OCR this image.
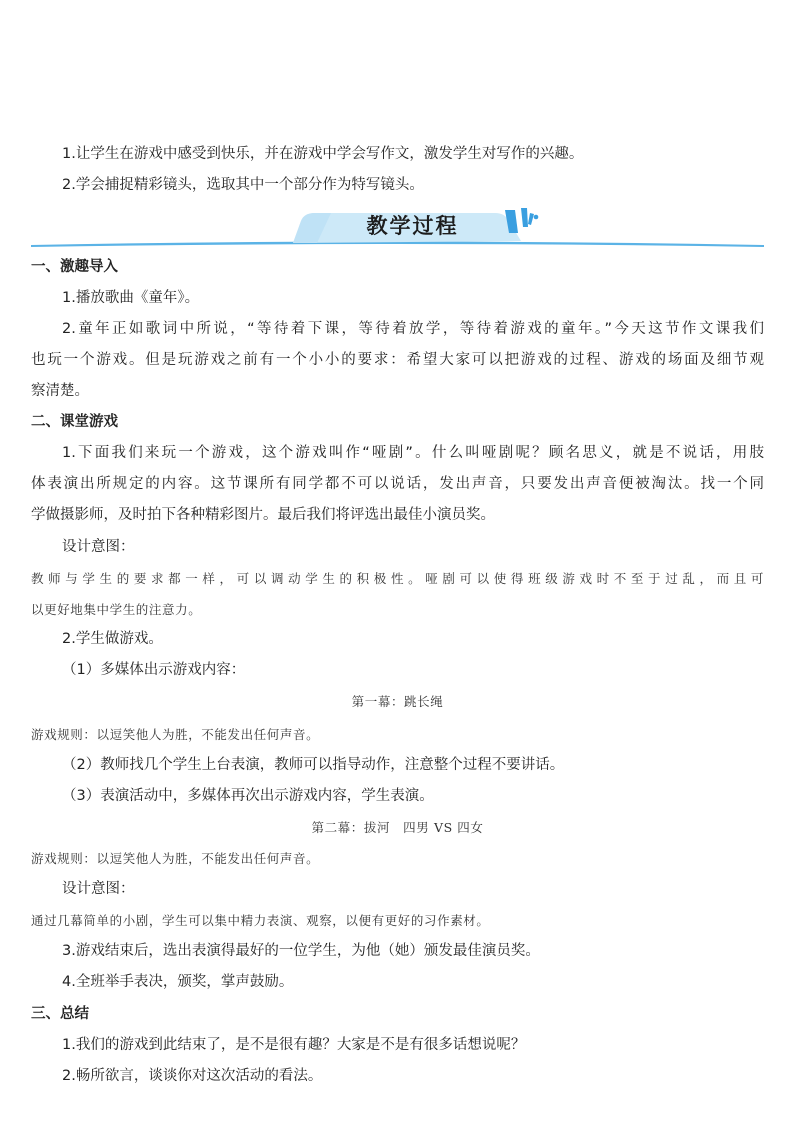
1.让学生在游戏中感受到快乐，并在游戏中学会写作文，激发学生对写作的兴趣。
2.学会捕捉精彩镜头，选取其中一个部分作为特写镜头。
教学过程
一、激趣导入
1.播放歌曲《童年》。
2.童年正如歌词中所说，“等待着下课，等待着放学，等待着游戏的童年。”今天这节作文课我们
也玩一个游戏。但是玩游戏之前有一个小小的要求：希望大家可以把游戏的过程、游戏的场面及细节观
察清楚。
二、课堂游戏
1.下面我们来玩一个游戏，这个游戏叫作“哑剧”。什么叫哑剧呢？顾名思义，就是不说话，用肢
体表演出所规定的内容。这节课所有同学都不可以说话，发出声音，只要发出声音便被淘汰。找一个同
学做摄影师，及时拍下各种精彩图片。最后我们将评选出最佳小演员奖。
设计意图：
教师与学生的要求都一样，可以调动学生的积极性。哑剧可以使得班级游戏时不至于过乱，而且可
以更好地集中学生的注意力。
2.学生做游戏。
（1）多媒体出示游戏内容：
第一幕：跳长绳
游戏规则：以逗笑他人为胜，不能发出任何声音。
（2）教师找几个学生上台表演，教师可以指导动作，注意整个过程不要讲话。
（3）表演活动中，多媒体再次出示游戏内容，学生表演。
第二幕：拔河　四男 VS 四女
游戏规则：以逗笑他人为胜，不能发出任何声音。
设计意图：
通过几幕简单的小剧，学生可以集中精力表演、观察，以便有更好的习作素材。
3.游戏结束后，选出表演得最好的一位学生，为他（她）颁发最佳演员奖。
4.全班举手表决，颁奖，掌声鼓励。
三、总结
1.我们的游戏到此结束了，是不是很有趣？大家是不是有很多话想说呢？
2.畅所欲言，谈谈你对这次活动的看法。
